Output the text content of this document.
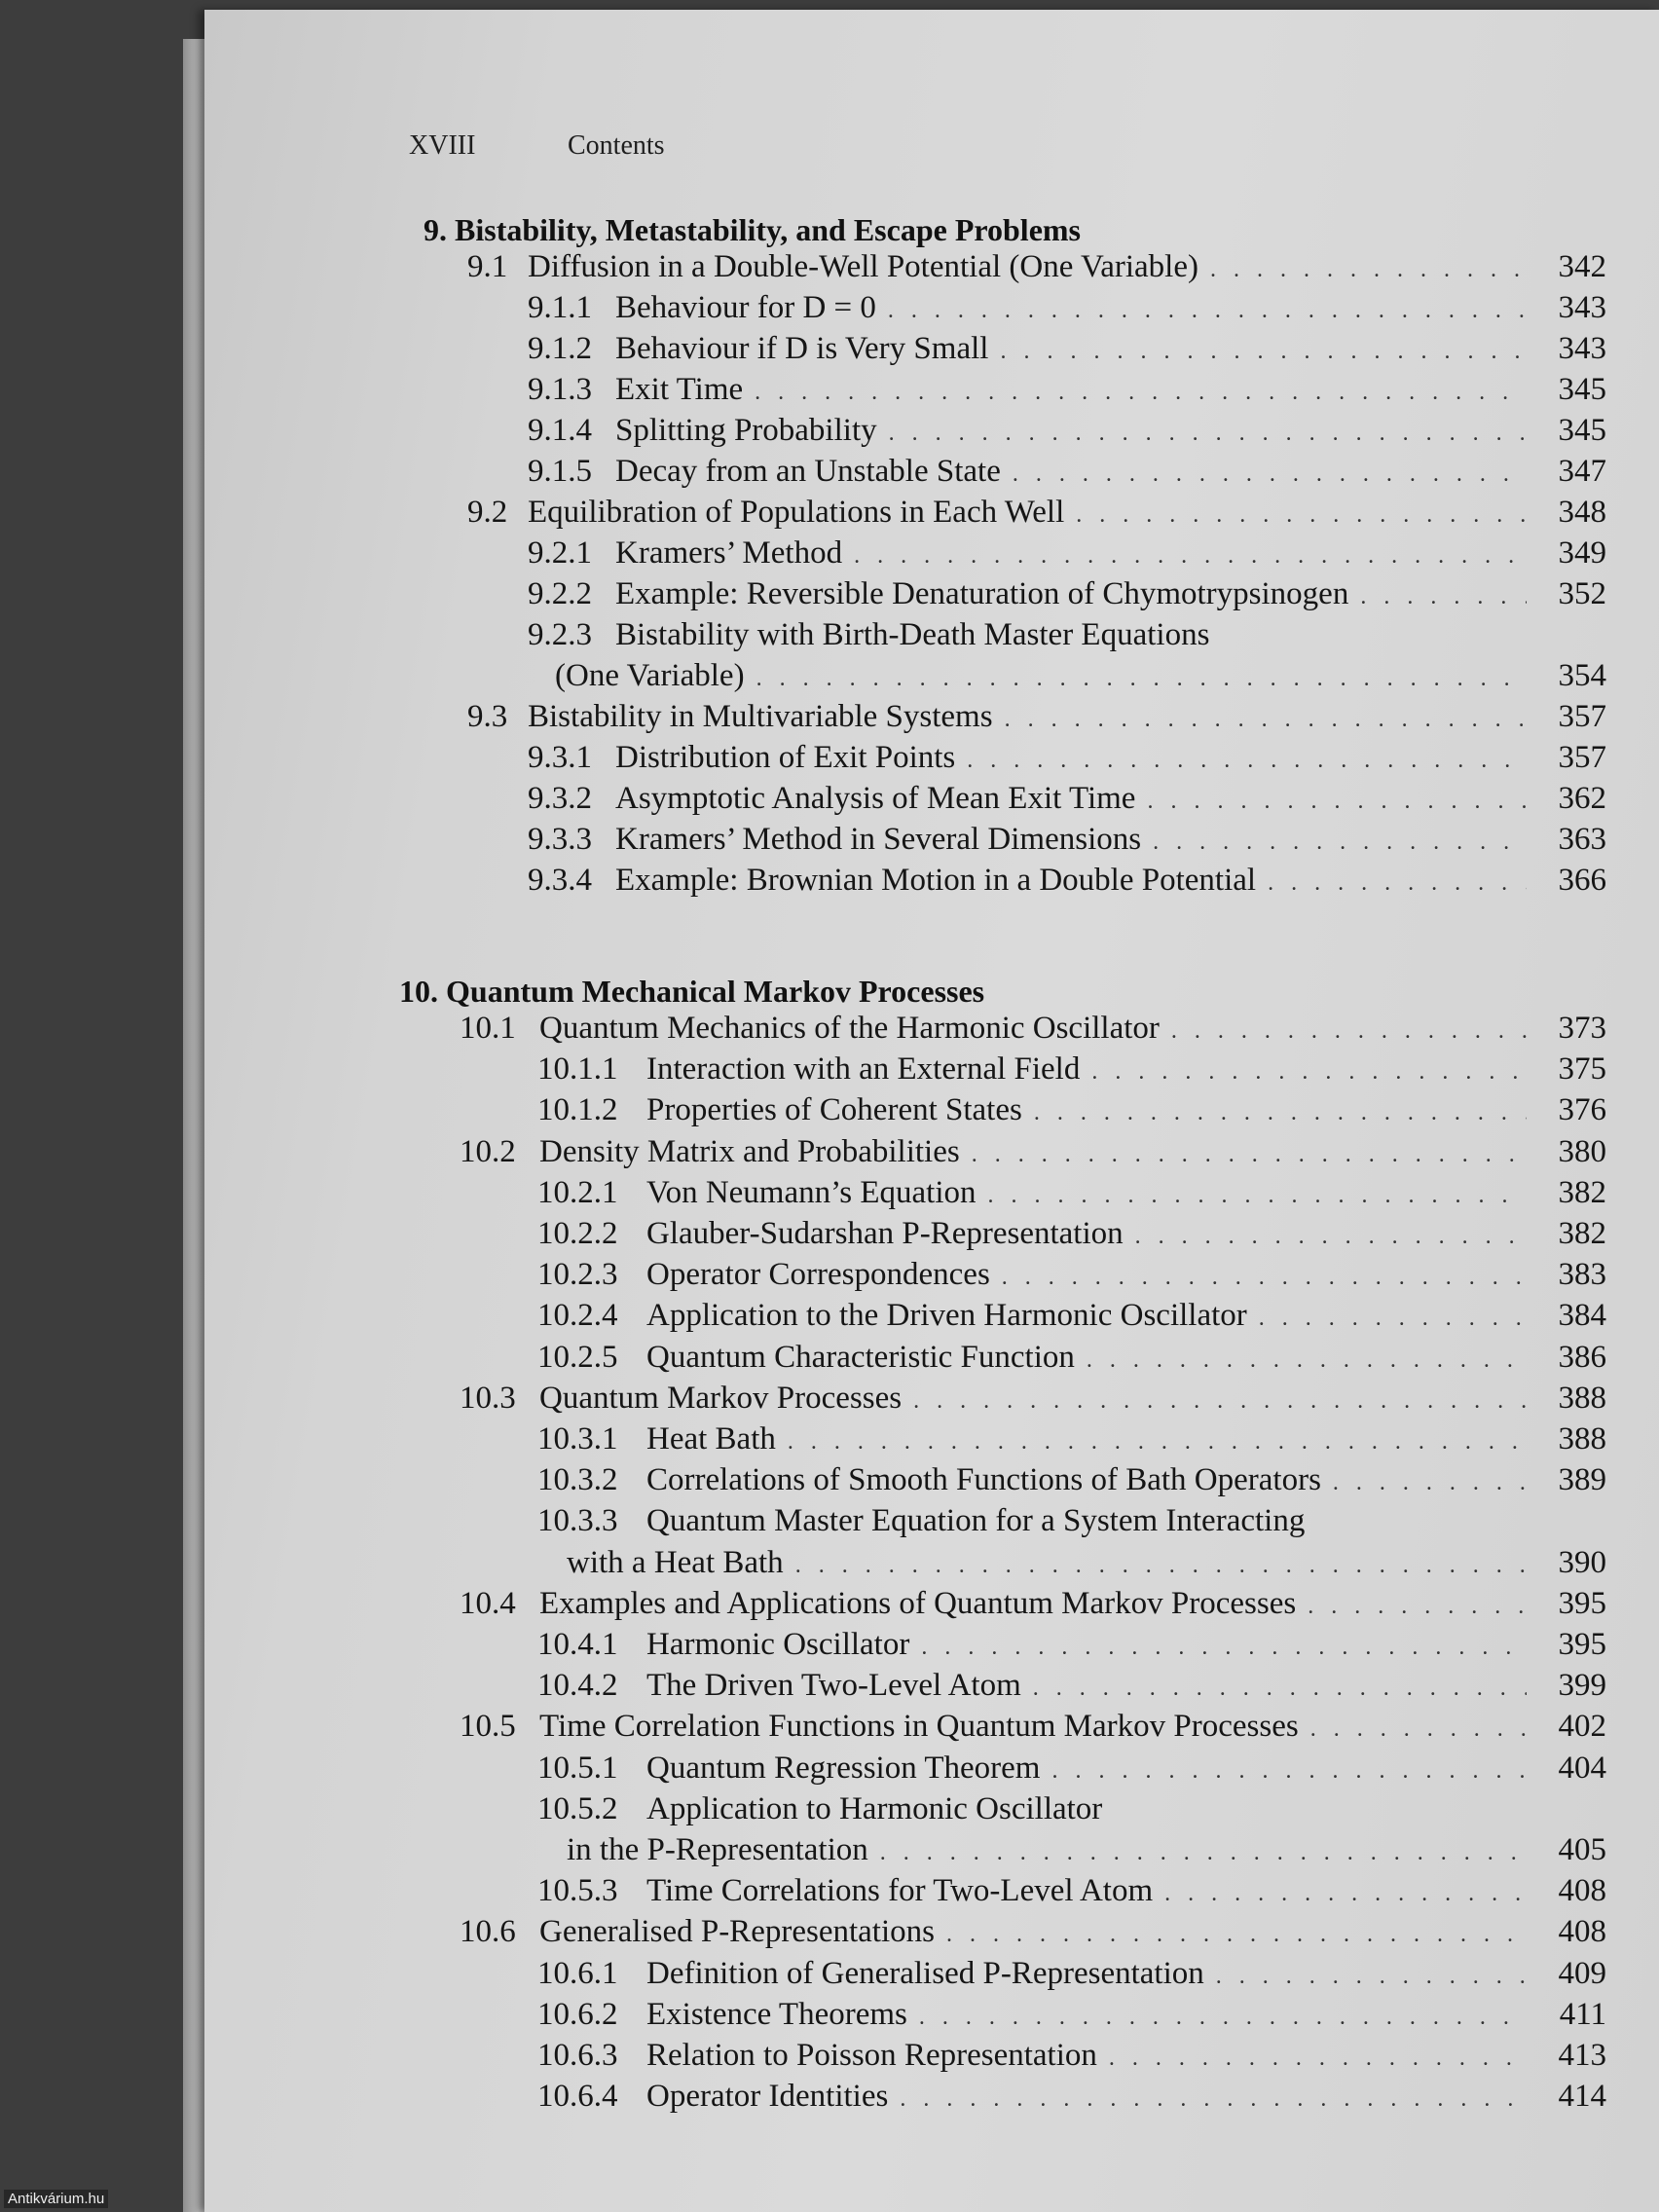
XVIII	Contents
9. Bistability, Metastability, and Escape Problems
9.1 Diffusion in a Double-Well Potential (One Variable) . . .	342
9.1.1 Behaviour for D = 0 . . .	343
9.1.2 Behaviour if D is Very Small . . .	343
9.1.3 Exit Time . . .	345
9.1.4 Splitting Probability . . .	345
9.1.5 Decay from an Unstable State . . .	347
9.2 Equilibration of Populations in Each Well . . .	348
9.2.1 Kramers’ Method . . .	349
9.2.2 Example: Reversible Denaturation of Chymotrypsinogen . . .	352
9.2.3 Bistability with Birth-Death Master Equations
(One Variable) . . .	354
9.3 Bistability in Multivariable Systems . . .	357
9.3.1 Distribution of Exit Points . . .	357
9.3.2 Asymptotic Analysis of Mean Exit Time . . .	362
9.3.3 Kramers’ Method in Several Dimensions . . .	363
9.3.4 Example: Brownian Motion in a Double Potential . . .	366
10. Quantum Mechanical Markov Processes
10.1 Quantum Mechanics of the Harmonic Oscillator . . .	373
10.1.1 Interaction with an External Field . . .	375
10.1.2 Properties of Coherent States . . .	376
10.2 Density Matrix and Probabilities . . .	380
10.2.1 Von Neumann’s Equation . . .	382
10.2.2 Glauber-Sudarshan P-Representation . . .	382
10.2.3 Operator Correspondences . . .	383
10.2.4 Application to the Driven Harmonic Oscillator . . .	384
10.2.5 Quantum Characteristic Function . . .	386
10.3 Quantum Markov Processes . . .	388
10.3.1 Heat Bath . . .	388
10.3.2 Correlations of Smooth Functions of Bath Operators . . .	389
10.3.3 Quantum Master Equation for a System Interacting
with a Heat Bath . . .	390
10.4 Examples and Applications of Quantum Markov Processes . . .	395
10.4.1 Harmonic Oscillator . . .	395
10.4.2 The Driven Two-Level Atom . . .	399
10.5 Time Correlation Functions in Quantum Markov Processes . . .	402
10.5.1 Quantum Regression Theorem . . .	404
10.5.2 Application to Harmonic Oscillator
in the P-Representation . . .	405
10.5.3 Time Correlations for Two-Level Atom . . .	408
10.6 Generalised P-Representations . . .	408
10.6.1 Definition of Generalised P-Representation . . .	409
10.6.2 Existence Theorems . . .	411
10.6.3 Relation to Poisson Representation . . .	413
10.6.4 Operator Identities . . .	414
Antikvárium.hu
